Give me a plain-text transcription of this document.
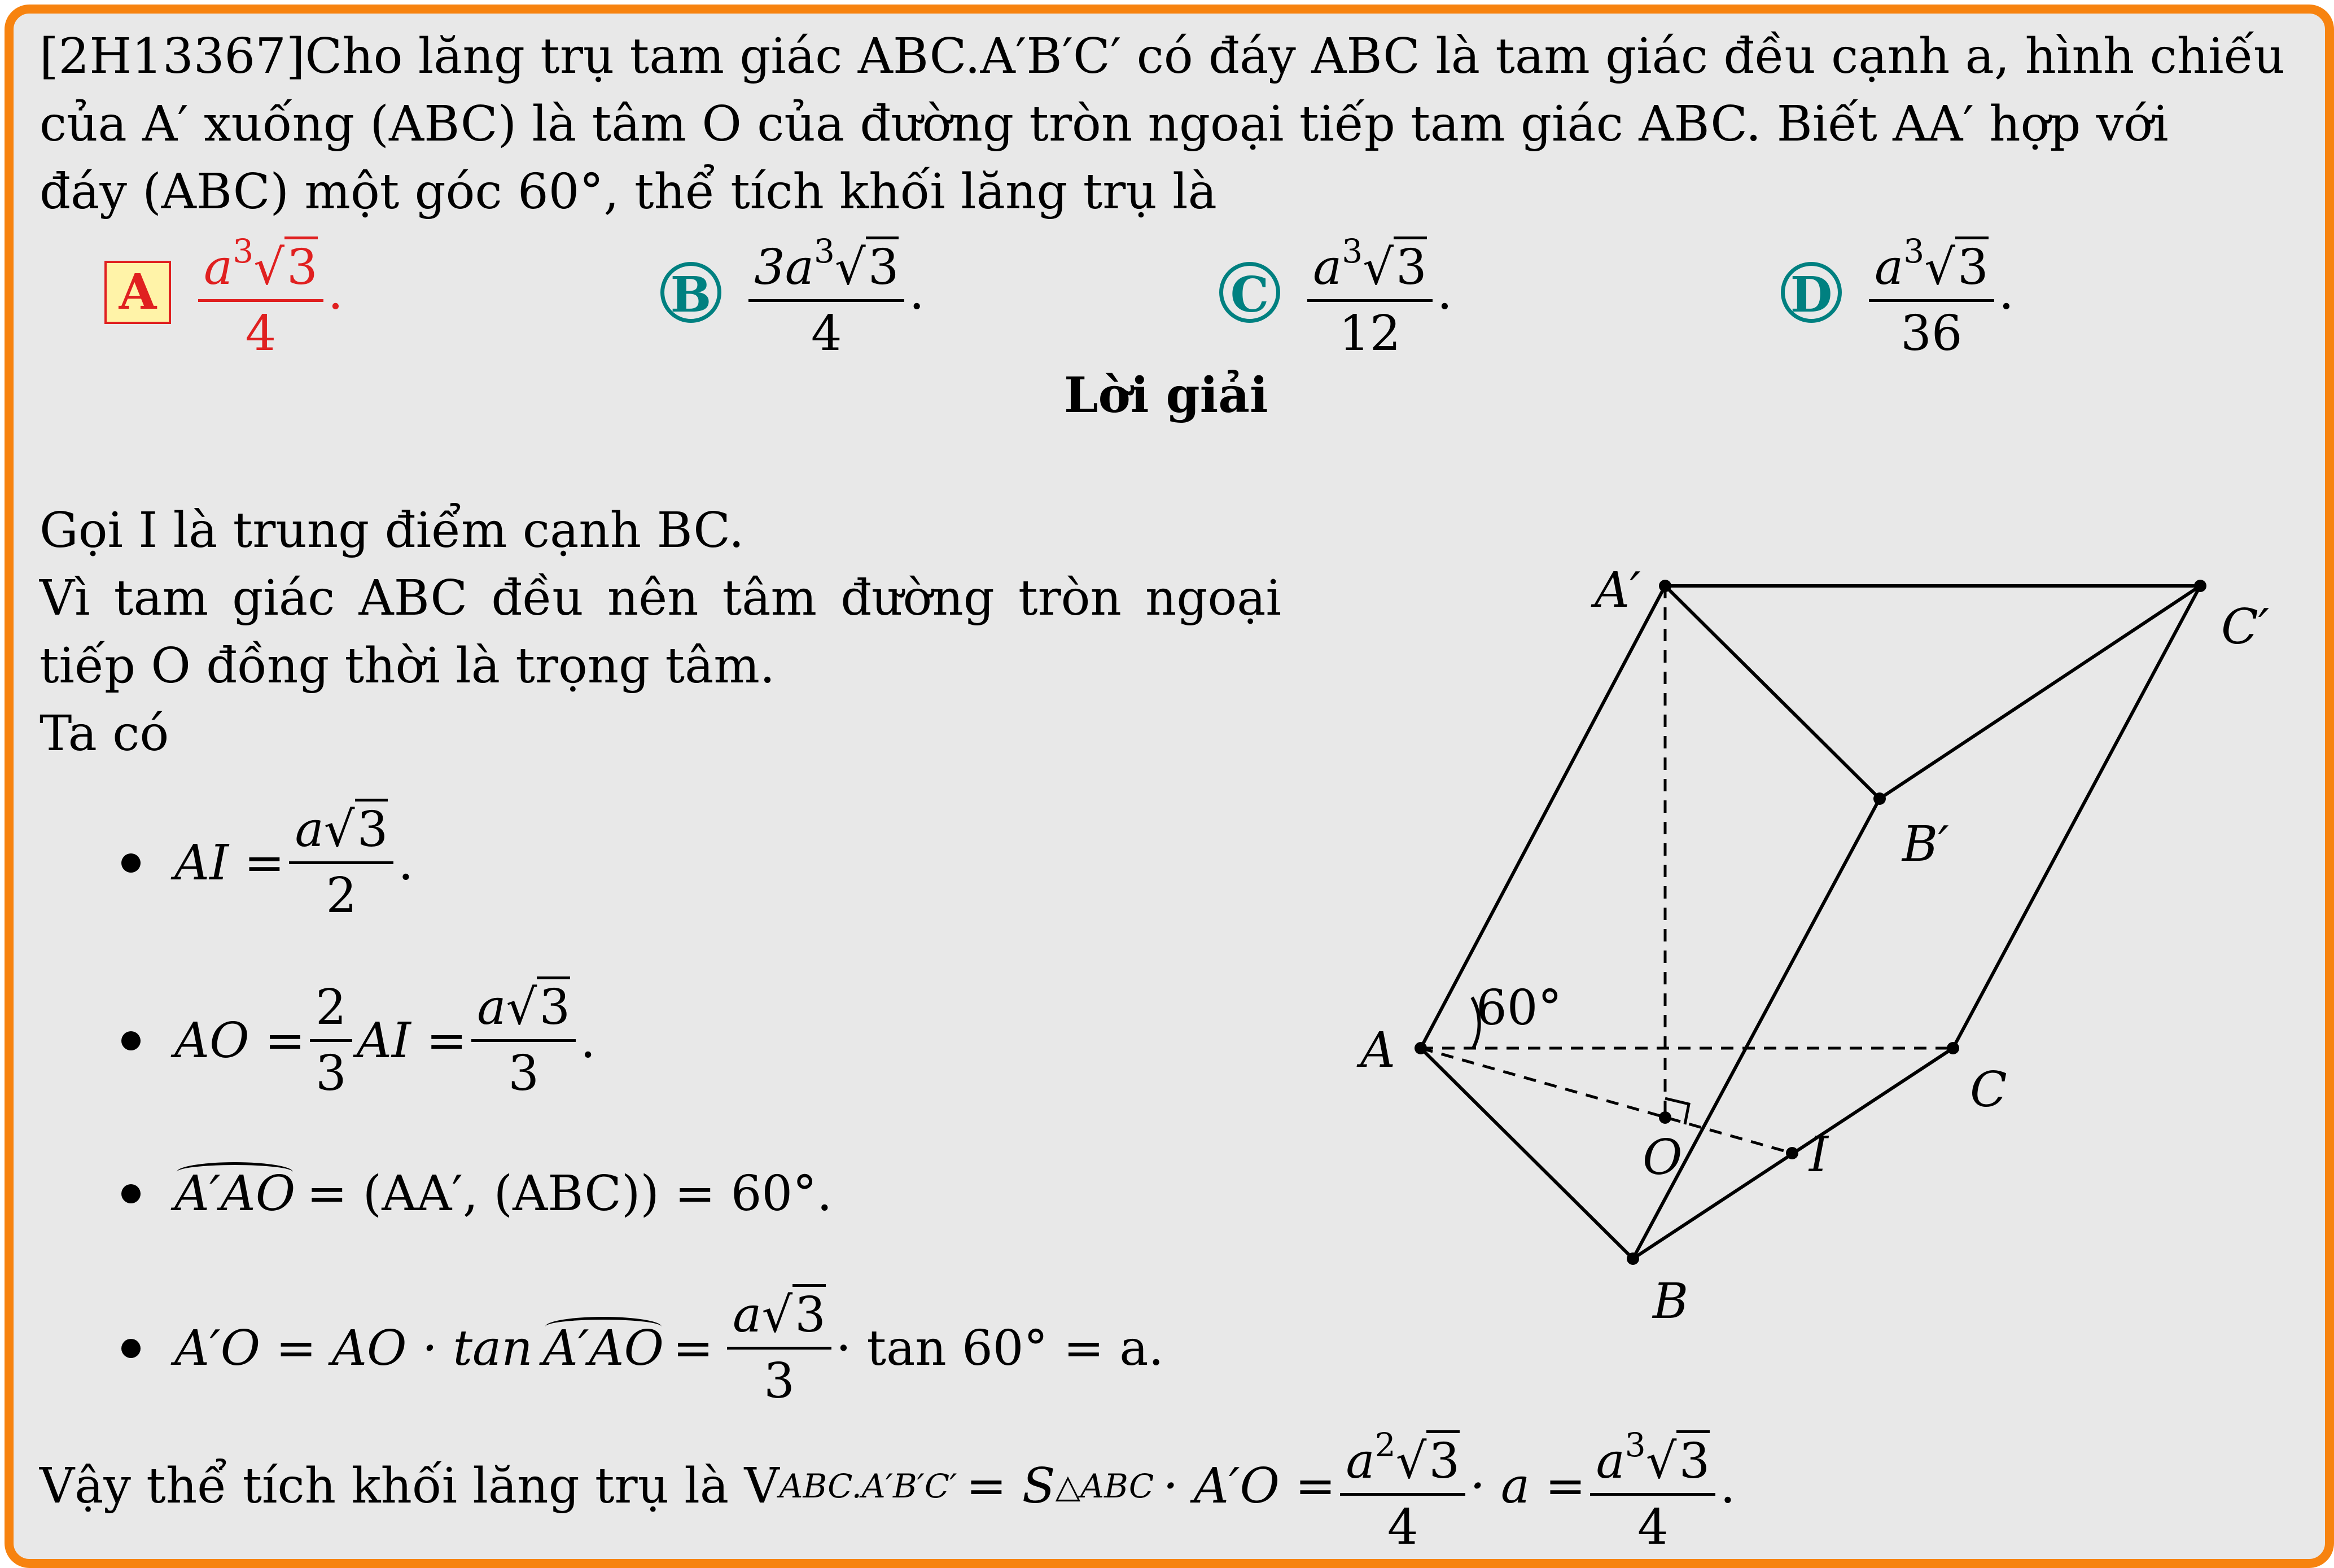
[2H13367]Cho lăng trụ tam giác ABC.A′B′C′ có đáy ABC là tam giác đều cạnh a, hình chiếu
của A′ xuống (ABC) là tâm O của đường tròn ngoại tiếp tam giác ABC. Biết AA′ hợp với
đáy (ABC) một góc 60°, thể tích khối lăng trụ là
A $\frac{a^3√3}{4}$ .	B $\frac{3a^3√3}{4}$ .	C $\frac{a^3√3}{12}$ .	D $\frac{a^3√3}{36}$ .
Lời giải
Gọi I là trung điểm cạnh BC.
Vì tam giác ABC đều nên tâm đường tròn ngoại
tiếp O đồng thời là trọng tâm.
Ta có
AI = $\frac{a√3}{2}$ .
AO = $\frac{2}{3}$ AI = $\frac{a√3}{3}$ .
A′AO = (AA′, (ABC)) = 60°.
A′O = AO · $\tan A'AO = \frac{a√3}{3} \cdot \tan 60^\circ = a$.
Vậy thể tích khối lăng trụ là V ABC.A′B′C′ = S △ABC · $A'O = \frac{a^2√3}{4} \cdot a = \frac{a^3√3}{4}$ .
A′
C′
B′
A
C
B
O	I
60°
